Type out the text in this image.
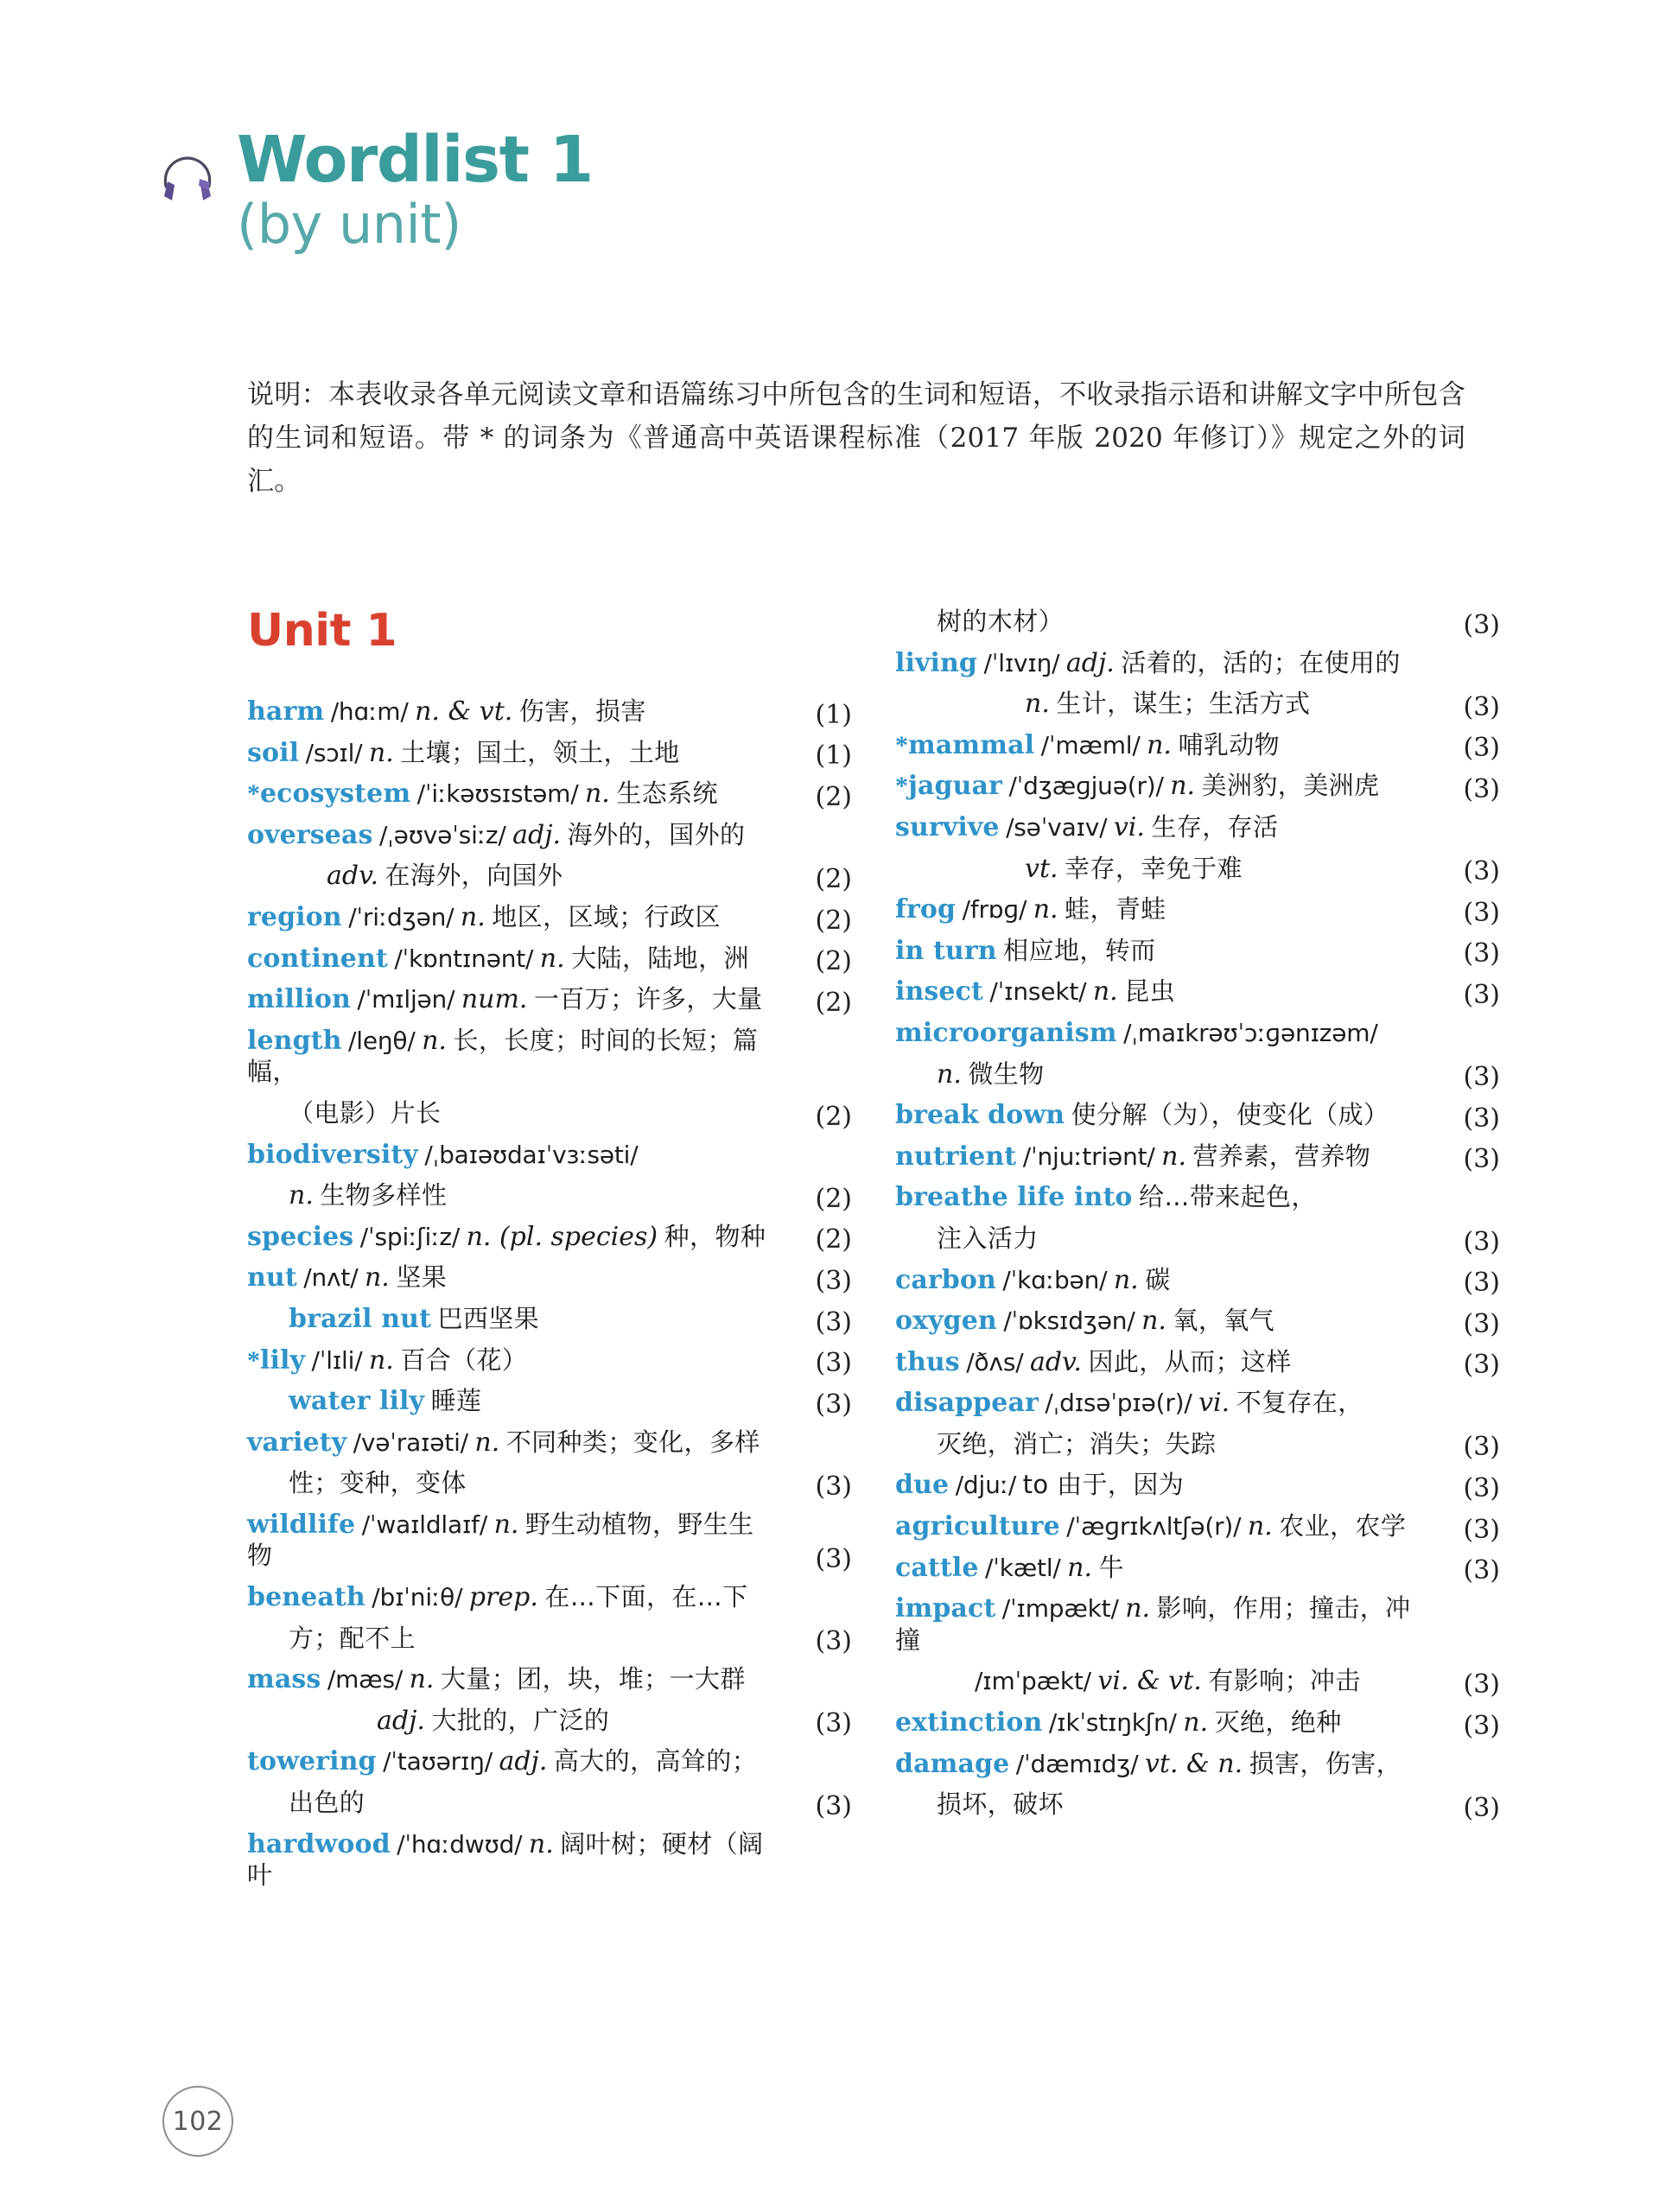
Wordlist 1
(by unit)

说明：本表收录各单元阅读文章和语篇练习中所包含的生词和短语，不收录指示语和讲解文字中所包含的生词和短语。带 * 的词条为《普通高中英语课程标准（2017 年版 2020 年修订）》规定之外的词汇。

Unit 1
harm /hɑːm/ n. & vt. 伤害，损害	(1)
soil /sɔɪl/ n. 土壤；国土，领土，土地	(1)
*ecosystem /ˈiːkəʊsɪstəm/ n. 生态系统	(2)
overseas /ˌəʊvəˈsiːz/ adj. 海外的，国外的
adv. 在海外，向国外	(2)
region /ˈriːdʒən/ n. 地区，区域；行政区	(2)
continent /ˈkɒntɪnənt/ n. 大陆，陆地，洲	(2)
million /ˈmɪljən/ num. 一百万；许多，大量	(2)
length /leŋθ/ n. 长，长度；时间的长短；篇幅，
（电影）片长	(2)
biodiversity /ˌbaɪəʊdaɪˈvɜːsəti/
n. 生物多样性	(2)
species /ˈspiːʃiːz/ n. (pl. species) 种，物种	(2)
nut /nʌt/ n. 坚果	(3)
brazil nut 巴西坚果	(3)
*lily /ˈlɪli/ n. 百合（花）	(3)
water lily 睡莲	(3)
variety /vəˈraɪəti/ n. 不同种类；变化，多样
性；变种，变体	(3)
wildlife /ˈwaɪldlaɪf/ n. 野生动植物，野生生物	(3)
beneath /bɪˈniːθ/ prep. 在…下面，在…下
方；配不上	(3)
mass /mæs/ n. 大量；团，块，堆；一大群
adj. 大批的，广泛的	(3)
towering /ˈtaʊərɪŋ/ adj. 高大的，高耸的；
出色的	(3)
hardwood /ˈhɑːdwʊd/ n. 阔叶树；硬材（阔叶
树的木材）	(3)
living /ˈlɪvɪŋ/ adj. 活着的，活的；在使用的
n. 生计，谋生；生活方式	(3)
*mammal /ˈmæml/ n. 哺乳动物	(3)
*jaguar /ˈdʒæɡjuə(r)/ n. 美洲豹，美洲虎	(3)
survive /səˈvaɪv/ vi. 生存，存活
vt. 幸存，幸免于难	(3)
frog /frɒɡ/ n. 蛙，青蛙	(3)
in turn 相应地，转而	(3)
insect /ˈɪnsekt/ n. 昆虫	(3)
microorganism /ˌmaɪkrəʊˈɔːɡənɪzəm/
n. 微生物	(3)
break down 使分解（为），使变化（成）	(3)
nutrient /ˈnjuːtriənt/ n. 营养素，营养物	(3)
breathe life into 给…带来起色，
注入活力	(3)
carbon /ˈkɑːbən/ n. 碳	(3)
oxygen /ˈɒksɪdʒən/ n. 氧，氧气	(3)
thus /ðʌs/ adv. 因此，从而；这样	(3)
disappear /ˌdɪsəˈpɪə(r)/ vi. 不复存在，
灭绝，消亡；消失；失踪	(3)
due /djuː/ to 由于，因为	(3)
agriculture /ˈæɡrɪkʌltʃə(r)/ n. 农业，农学	(3)
cattle /ˈkætl/ n. 牛	(3)
impact /ˈɪmpækt/ n. 影响，作用；撞击，冲撞
/ɪmˈpækt/ vi. & vt. 有影响；冲击	(3)
extinction /ɪkˈstɪŋkʃn/ n. 灭绝，绝种	(3)
damage /ˈdæmɪdʒ/ vt. & n. 损害，伤害，
损坏，破坏	(3)
102
